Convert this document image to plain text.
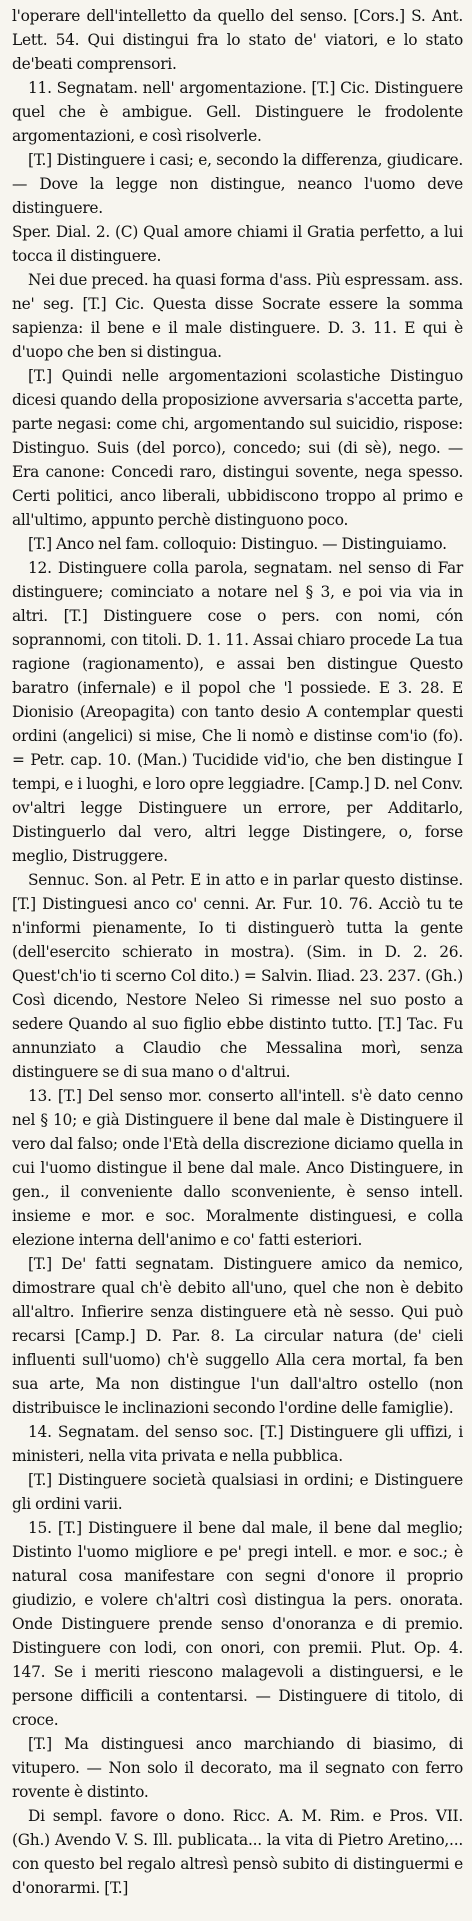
l'operare dell'intelletto da quello del senso. [Cors.] S. Ant. Lett. 54. Qui distingui fra lo stato de' viatori, e lo stato de'beati comprensori.

11. Segnatam. nell' argomentazione. [T.] Cic. Distinguere quel che è ambigue. Gell. Distinguere le frodolente argomentazioni, e così risolverle.

[T.] Distinguere i casi; e, secondo la differenza, giudicare. — Dove la legge non distingue, neanco l'uomo deve distinguere.

Sper. Dial. 2. (C) Qual amore chiami il Gratia perfetto, a lui tocca il distinguere.

Nei due preced. ha quasi forma d'ass. Più espressam. ass. ne' seg. [T.] Cic. Questa disse Socrate essere la somma sapienza: il bene e il male distinguere. D. 3. 11. E qui è d'uopo che ben si distingua.

[T.] Quindi nelle argomentazioni scolastiche Distinguo dicesi quando della proposizione avversaria s'accetta parte, parte negasi: come chi, argomentando sul suicidio, rispose: Distinguo. Suis (del porco), concedo; sui (di sè), nego. — Era canone: Concedi raro, distingui sovente, nega spesso. Certi politici, anco liberali, ubbidiscono troppo al primo e all'ultimo, appunto perchè distinguono poco.

[T.] Anco nel fam. colloquio: Distinguo. — Distinguiamo.

12. Distinguere colla parola, segnatam. nel senso di Far distinguere; cominciato a notare nel § 3, e poi via via in altri. [T.] Distinguere cose o pers. con nomi, cón soprannomi, con titoli. D. 1. 11. Assai chiaro procede La tua ragione (ragionamento), e assai ben distingue Questo baratro (infernale) e il popol che 'l possiede. E 3. 28. E Dionisio (Areopagita) con tanto desio A contemplar questi ordini (angelici) si mise, Che li nomò e distinse com'io (fo). = Petr. cap. 10. (Man.) Tucidide vid'io, che ben distingue I tempi, e i luoghi, e loro opre leggiadre. [Camp.] D. nel Conv. ov'altri legge Distinguere un errore, per Additarlo, Distinguerlo dal vero, altri legge Distingere, o, forse meglio, Distruggere.

Sennuc. Son. al Petr. E in atto e in parlar questo distinse. [T.] Distinguesi anco co' cenni. Ar. Fur. 10. 76. Acciò tu te n'informi pienamente, Io ti distinguerò tutta la gente (dell'esercito schierato in mostra). (Sim. in D. 2. 26. Quest'ch'io ti scerno Col dito.) = Salvin. Iliad. 23. 237. (Gh.) Così dicendo, Nestore Neleo Si rimesse nel suo posto a sedere Quando al suo figlio ebbe distinto tutto. [T.] Tac. Fu annunziato a Claudio che Messalina morì, senza distinguere se di sua mano o d'altrui.

13. [T.] Del senso mor. conserto all'intell. s'è dato cenno nel § 10; e già Distinguere il bene dal male è Distinguere il vero dal falso; onde l'Età della discrezione diciamo quella in cui l'uomo distingue il bene dal male. Anco Distinguere, in gen., il conveniente dallo sconveniente, è senso intell. insieme e mor. e soc. Moralmente distinguesi, e colla elezione interna dell'animo e co' fatti esteriori.

[T.] De' fatti segnatam. Distinguere amico da nemico, dimostrare qual ch'è debito all'uno, quel che non è debito all'altro. Infierire senza distinguere età nè sesso. Qui può recarsi [Camp.] D. Par. 8. La circular natura (de' cieli influenti sull'uomo) ch'è suggello Alla cera mortal, fa ben sua arte, Ma non distingue l'un dall'altro ostello (non distribuisce le inclinazioni secondo l'ordine delle famiglie).

14. Segnatam. del senso soc. [T.] Distinguere gli uffizi, i ministeri, nella vita privata e nella pubblica.

[T.] Distinguere società qualsiasi in ordini; e Distinguere gli ordini varii.

15. [T.] Distinguere il bene dal male, il bene dal meglio; Distinto l'uomo migliore e pe' pregi intell. e mor. e soc.; è natural cosa manifestare con segni d'onore il proprio giudizio, e volere ch'altri così distingua la pers. onorata. Onde Distinguere prende senso d'onoranza e di premio. Distinguere con lodi, con onori, con premii. Plut. Op. 4. 147. Se i meriti riescono malagevoli a distinguersi, e le persone difficili a contentarsi. — Distinguere di titolo, di croce.

[T.] Ma distinguesi anco marchiando di biasimo, di vitupero. — Non solo il decorato, ma il segnato con ferro rovente è distinto.

Di sempl. favore o dono. Ricc. A. M. Rim. e Pros. VII. (Gh.) Avendo V. S. Ill. publicata... la vita di Pietro Aretino,... con questo bel regalo altresì pensò subito di distinguermi e d'onorarmi. [T.]
